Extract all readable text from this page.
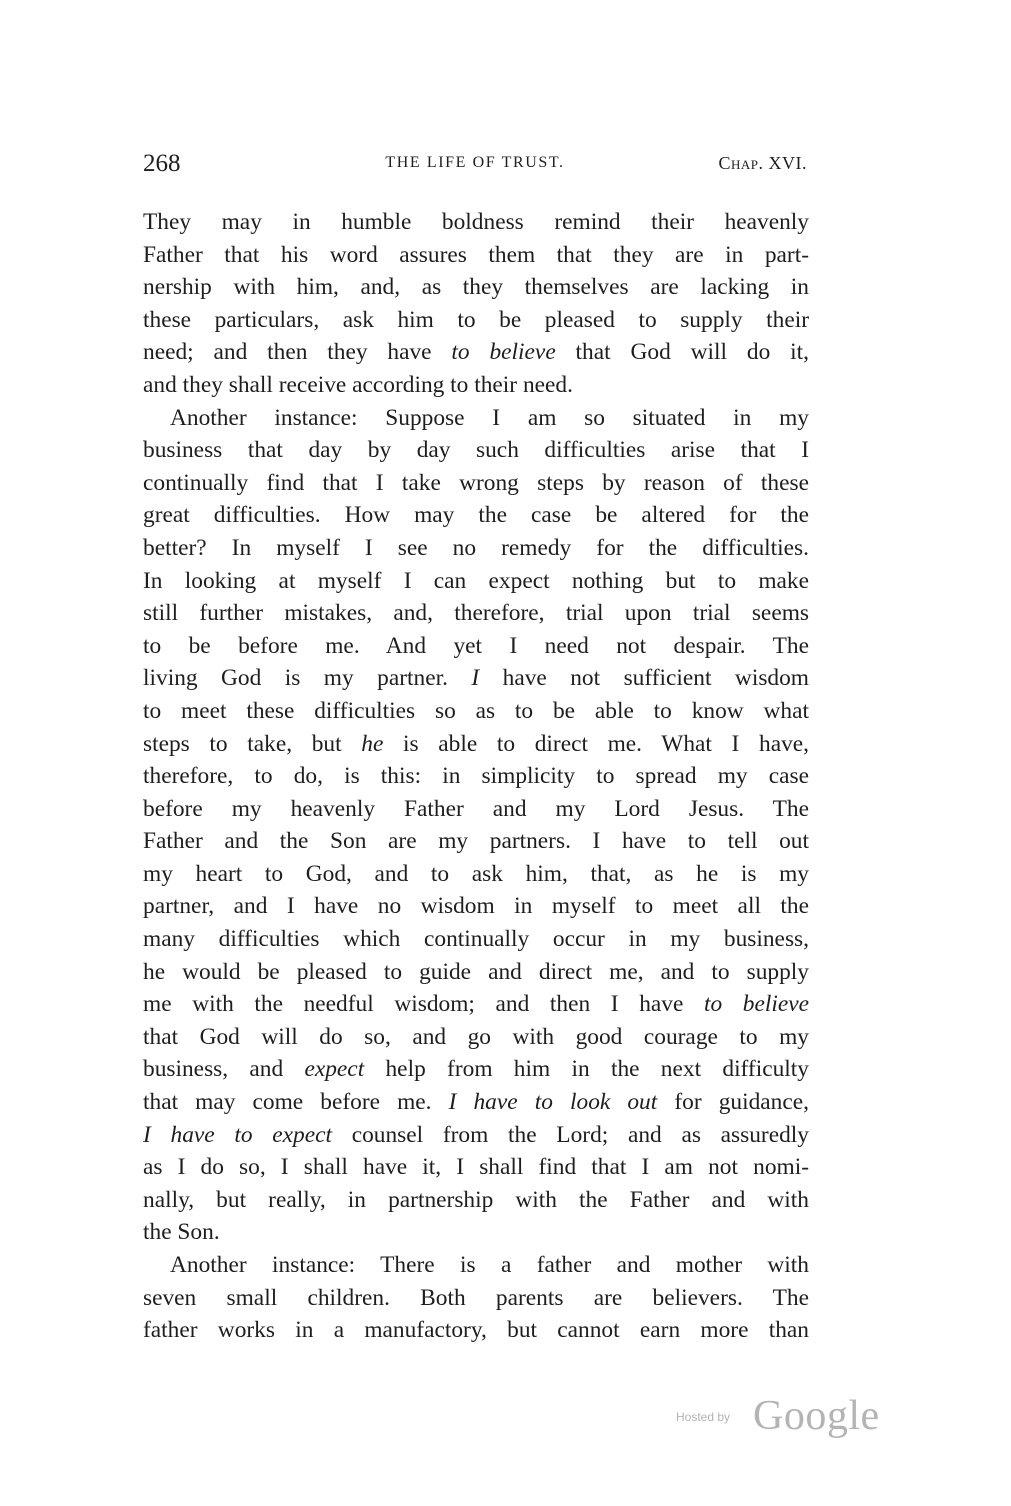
268	THE LIFE OF TRUST.	Chap. XVI.
They may in humble boldness remind their heavenly
Father that his word assures them that they are in part-
nership with him, and, as they themselves are lacking in
these particulars, ask him to be pleased to supply their
need; and then they have to believe that God will do it,
and they shall receive according to their need.
Another instance: Suppose I am so situated in my
business that day by day such difficulties arise that I
continually find that I take wrong steps by reason of these
great difficulties. How may the case be altered for the
better? In myself I see no remedy for the difficulties.
In looking at myself I can expect nothing but to make
still further mistakes, and, therefore, trial upon trial seems
to be before me. And yet I need not despair. The
living God is my partner. I have not sufficient wisdom
to meet these difficulties so as to be able to know what
steps to take, but he is able to direct me. What I have,
therefore, to do, is this: in simplicity to spread my case
before my heavenly Father and my Lord Jesus. The
Father and the Son are my partners. I have to tell out
my heart to God, and to ask him, that, as he is my
partner, and I have no wisdom in myself to meet all the
many difficulties which continually occur in my business,
he would be pleased to guide and direct me, and to supply
me with the needful wisdom; and then I have to believe
that God will do so, and go with good courage to my
business, and expect help from him in the next difficulty
that may come before me. I have to look out for guidance,
I have to expect counsel from the Lord; and as assuredly
as I do so, I shall have it, I shall find that I am not nomi-
nally, but really, in partnership with the Father and with
the Son.
Another instance: There is a father and mother with
seven small children. Both parents are believers. The
father works in a manufactory, but cannot earn more than
Hosted by Google
